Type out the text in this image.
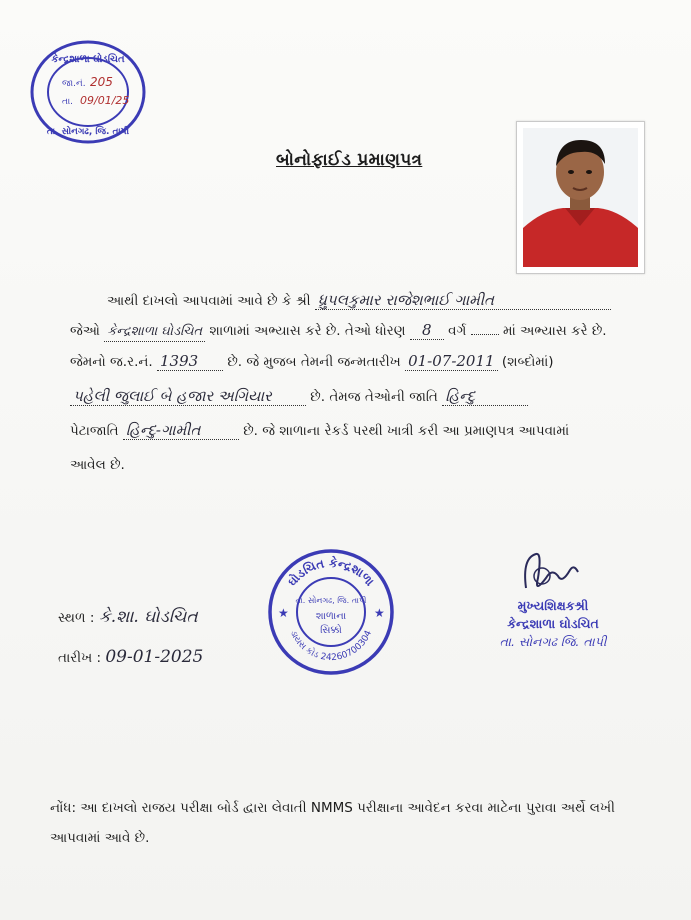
કેન્દ્રશાળા ઘોડચિત
તા. સોનગઢ, જિ. તાપી
જા.નં. 205
તા. 09/01/25
બોનોફાઈડ પ્રમાણપત્ર
આથી દાખલો આપવામાં આવે છે કે શ્રી ધ્રુપલકુમાર રાજેશભાઈ ગામીત
જેઓ કેન્દ્રશાળા ઘોડચિત શાળામાં અભ્યાસ કરે છે. તેઓ ધોરણ 8 વર્ગ	માં અભ્યાસ કરે છે.
જેમનો જ.ર.નં. 1393 છે. જે મુજબ તેમની જન્મતારીખ 01-07-2011 (શબ્દોમાં)
પહેલી જુલાઈ બે હજાર અગિયાર	છે. તેમજ તેઓની જાતિ હિન્દુ
પેટાજાતિ હિન્દુ-ગામીત	છે. જે શાળાના રેકર્ડ પરથી ખાત્રી કરી આ પ્રમાણપત્ર આપવામાં
આવેલ છે.
સ્થળ : કે.શા. ઘોડચિત
તારીખ : 09-01-2025
ઘોડચિત કેન્દ્રશાળા
ડાયસ કોડ 24260700304
તા. સોનગઢ, જિ. તાપી
શાળાના
સિક્કો
★	★	મુખ્યશિક્ષકશ્રી
કેન્દ્રશાળા ઘોડચિત
તા. સોનગઢ જિ. તાપી
નોંધ: આ દાખલો રાજય પરીક્ષા બોર્ડ દ્વારા લેવાતી NMMS પરીક્ષાના આવેદન કરવા માટેના પુરાવા અર્થે લખી આપવામાં આવે છે.
